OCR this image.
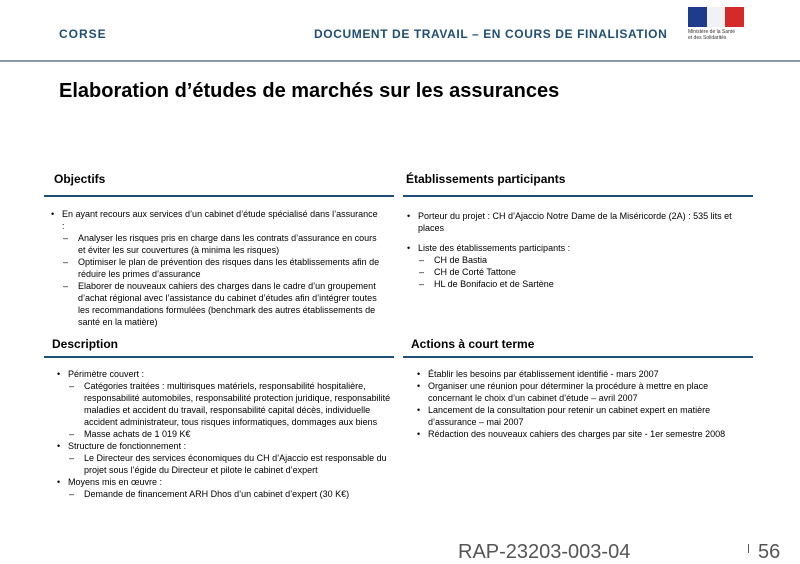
CORSE	DOCUMENT DE TRAVAIL – EN COURS DE FINALISATION	Ministère de la Santé
et des Solidarités
Elaboration d’études de marchés sur les assurances
Objectifs
• En ayant recours aux services d’un cabinet d’étude spécialisé dans l’assurance :
– Analyser les risques pris en charge dans les contrats d’assurance en cours et éviter les sur couvertures (à minima les risques)
– Optimiser le plan de prévention des risques dans les établissements afin de réduire les primes d’assurance
– Elaborer de nouveaux cahiers des charges dans le cadre d’un groupement d’achat régional avec l’assistance du cabinet d’études afin d’intégrer toutes les recommandations formulées (benchmark des autres établissements de santé en la matière)
Établissements participants
• Porteur du projet : CH d’Ajaccio Notre Dame de la Miséricorde (2A) : 535 lits et places
• Liste des établissements participants :
– CH de Bastia
– CH de Corté Tattone
– HL de Bonifacio et de Sartène
Description
• Périmètre couvert :
– Catégories traitées : multirisques matériels, responsabilité hospitalière, responsabilité automobiles, responsabilité protection juridique, responsabilité maladies et accident du travail, responsabilité capital décès, individuelle accident administrateur, tous risques informatiques, dommages aux biens
– Masse achats de 1 019 K€
• Structure de fonctionnement :
– Le Directeur des services économiques du CH d’Ajaccio est responsable du projet sous l’égide du Directeur et pilote le cabinet d’expert
• Moyens mis en œuvre :
– Demande de financement ARH Dhos d’un cabinet d’expert (30 K€)
Actions à court terme
• Établir les besoins par établissement identifié - mars 2007
• Organiser une réunion pour déterminer la procédure à mettre en place concernant le choix d’un cabinet d’étude – avril 2007
• Lancement de la consultation pour retenir un cabinet expert en matière d’assurance – mai 2007
• Rédaction des nouveaux cahiers des charges par site - 1er semestre 2008
RAP-23203-003-04	56
